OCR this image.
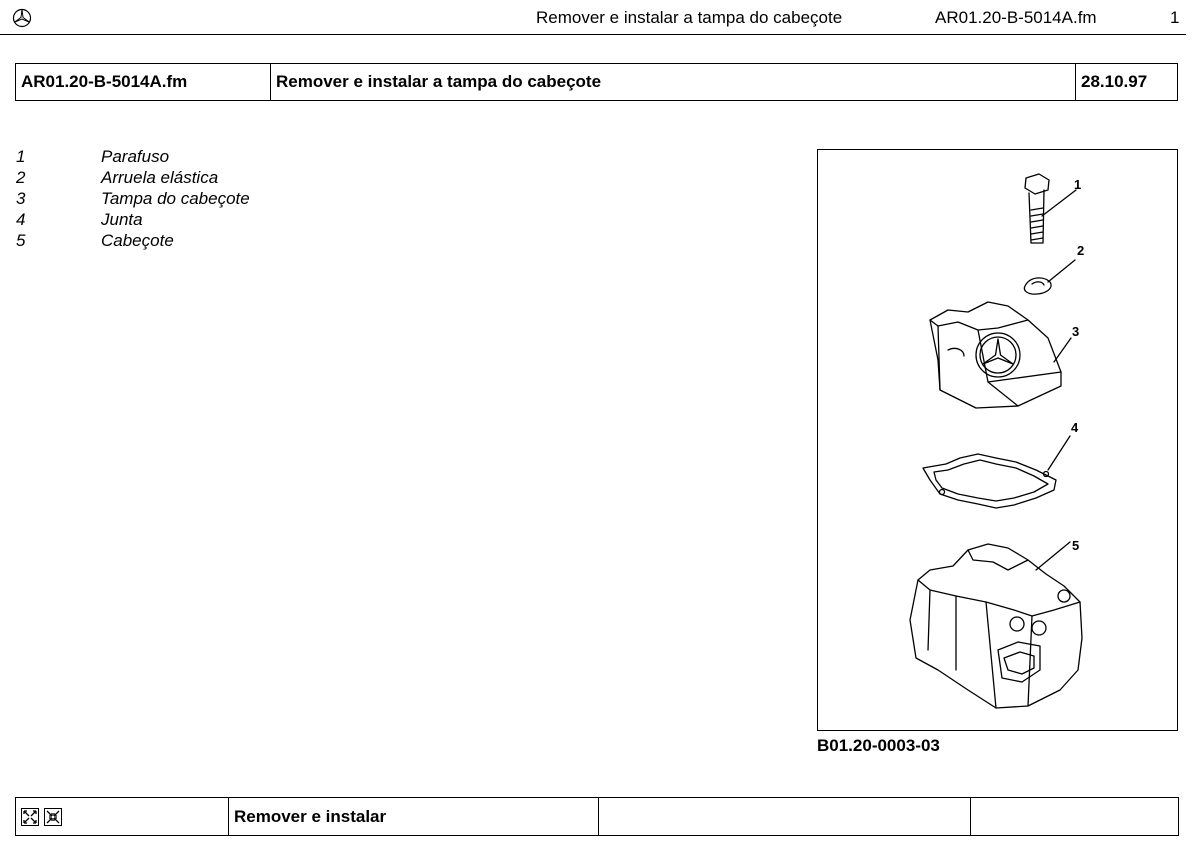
Remover e instalar a tampa do cabeçote	AR01.20-B-5014A.fm	1
AR01.20-B-5014A.fm	Remover e instalar a tampa do cabeçote	28.10.97
1	Parafuso
2	Arruela elástica
3	Tampa do cabeçote
4	Junta
5	Cabeçote
1
2
3
4
5
B01.20-0003-03
	Remover e instalar		
